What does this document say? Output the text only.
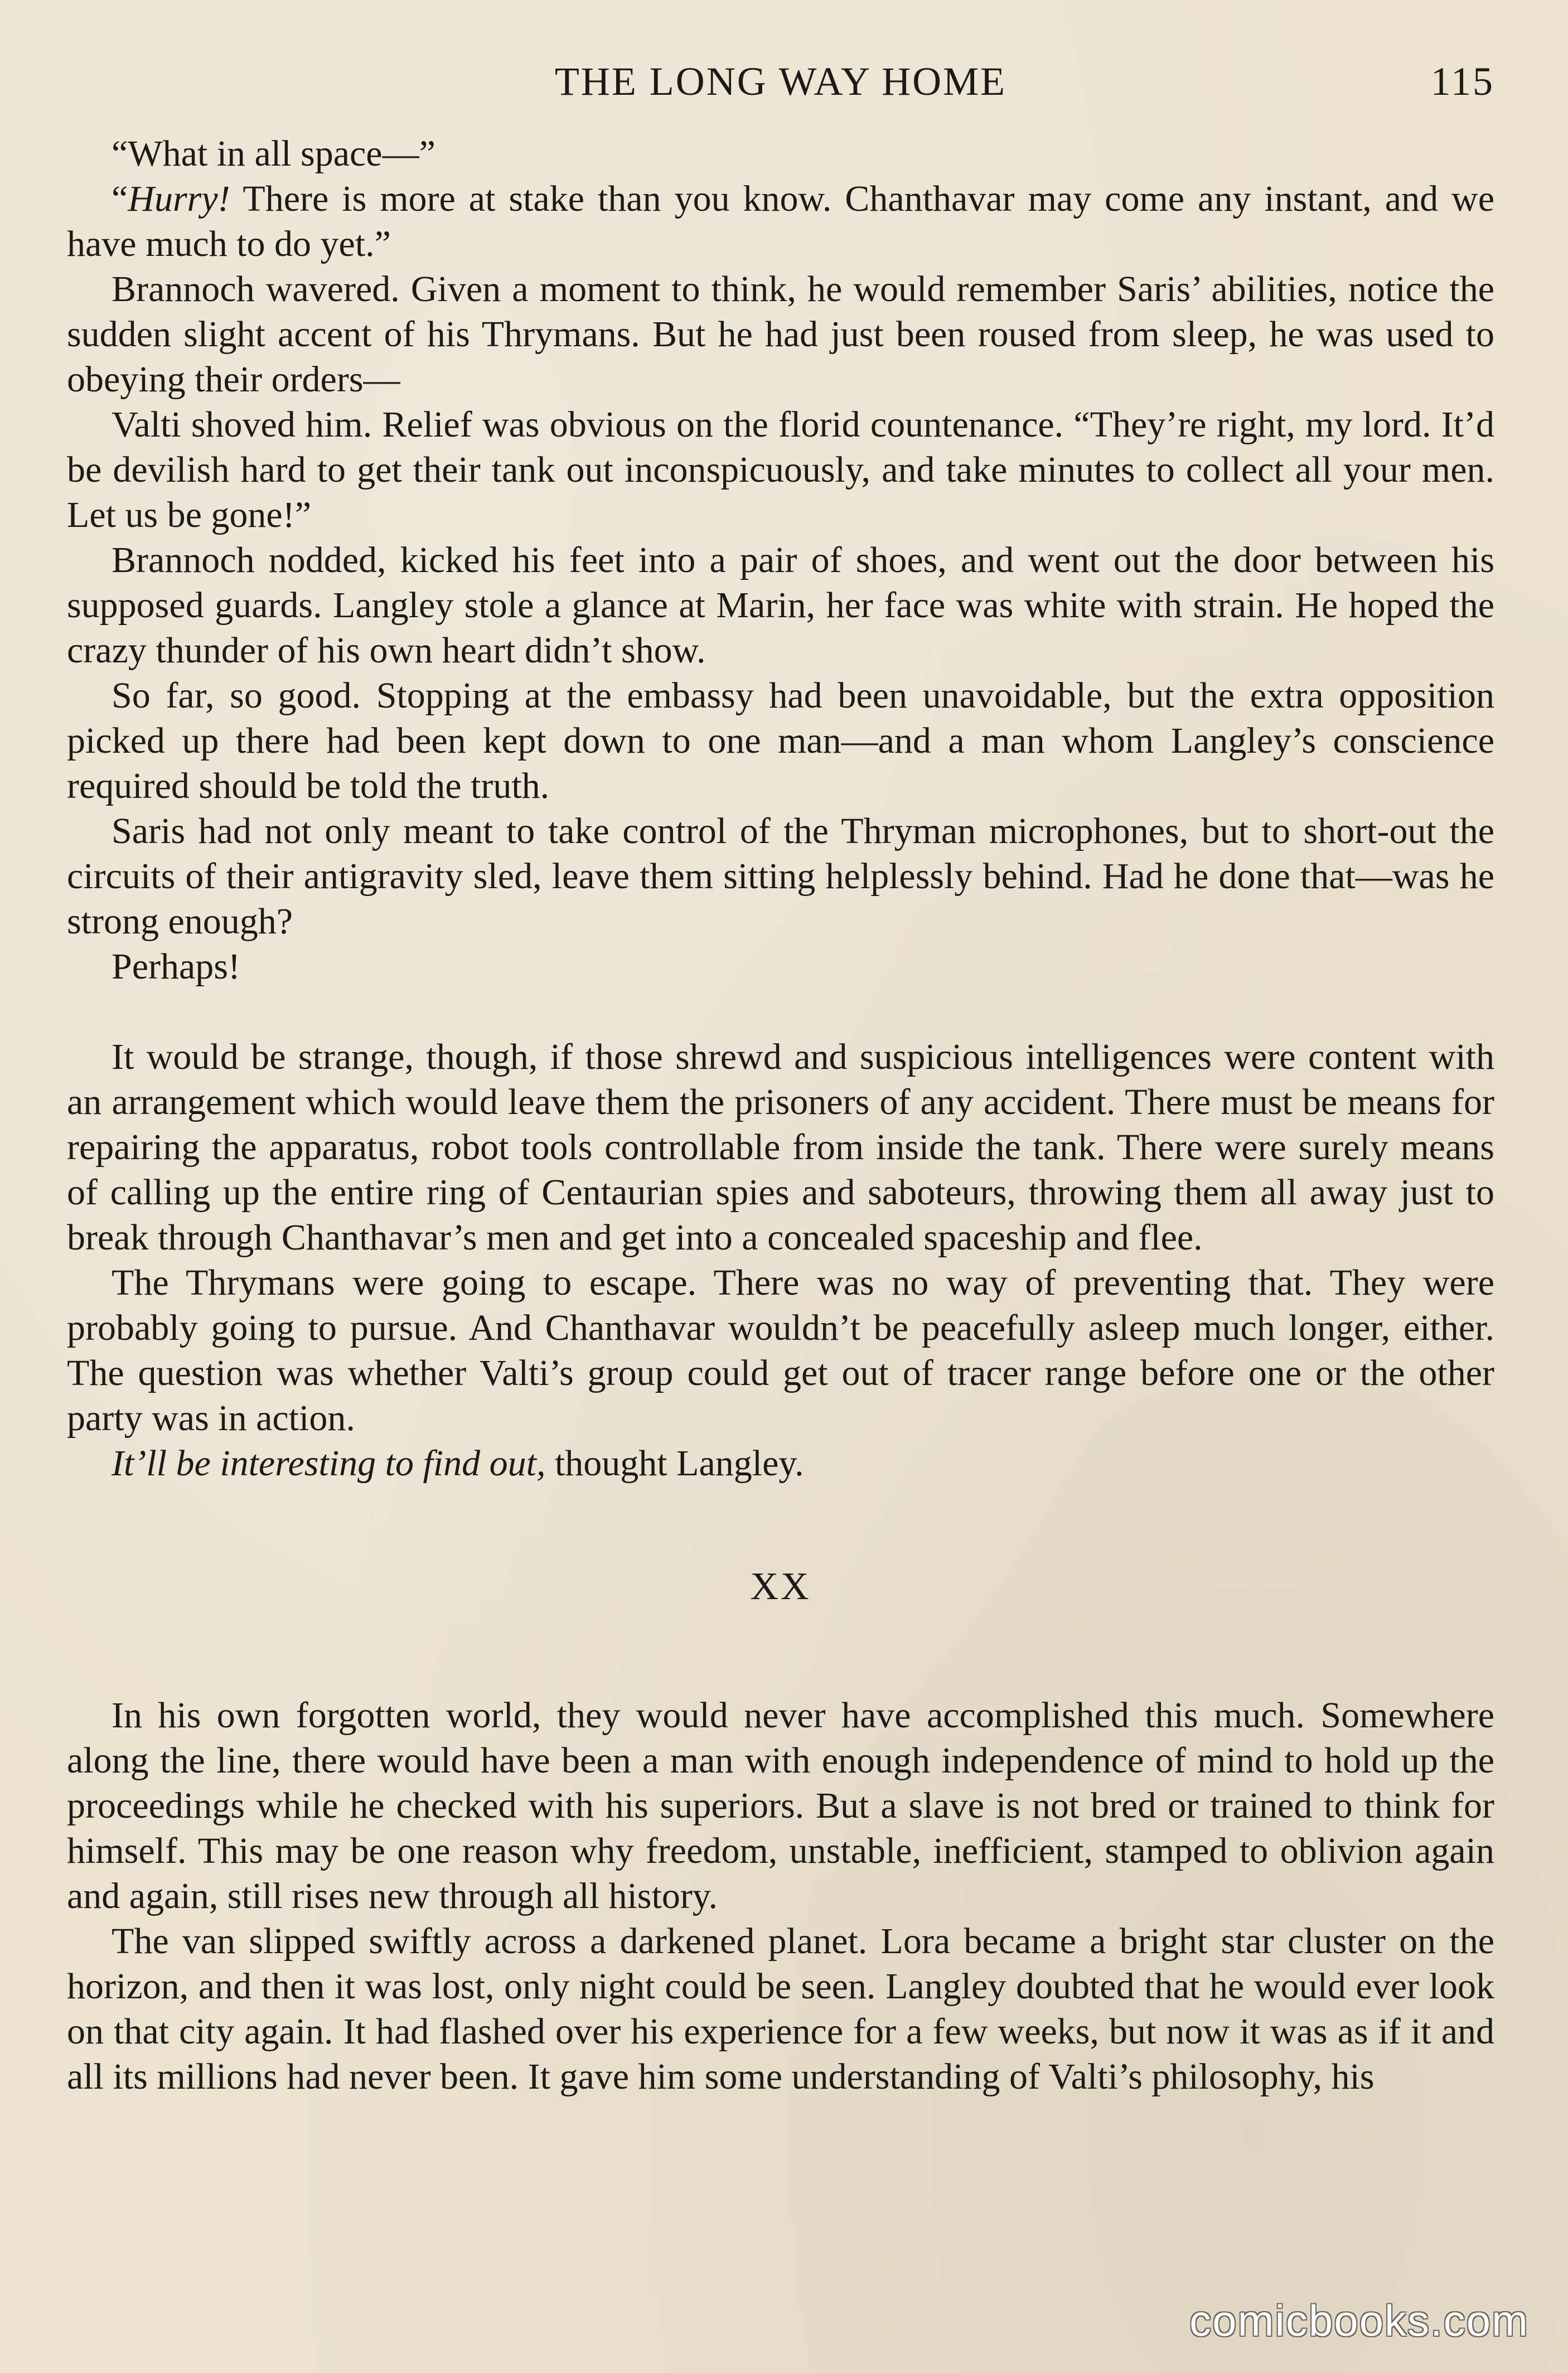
THE LONG WAY HOME	115

“What in all space—”

“Hurry! There is more at stake than you know. Chanthavar may come any instant, and we have much to do yet.”

Brannoch wavered. Given a moment to think, he would remember Saris’ abilities, notice the sudden slight accent of his Thrymans. But he had just been roused from sleep, he was used to obeying their orders—

Valti shoved him. Relief was obvious on the florid countenance. “They’re right, my lord. It’d be devilish hard to get their tank out inconspicuously, and take minutes to collect all your men. Let us be gone!”

Brannoch nodded, kicked his feet into a pair of shoes, and went out the door between his supposed guards. Langley stole a glance at Marin, her face was white with strain. He hoped the crazy thunder of his own heart didn’t show.

So far, so good. Stopping at the embassy had been unavoidable, but the extra opposition picked up there had been kept down to one man—and a man whom Langley’s conscience required should be told the truth.

Saris had not only meant to take control of the Thryman microphones, but to short-out the circuits of their antigravity sled, leave them sitting helplessly behind. Had he done that—was he strong enough?

Perhaps!

It would be strange, though, if those shrewd and suspicious intelligences were content with an arrangement which would leave them the prisoners of any accident. There must be means for repairing the apparatus, robot tools controllable from inside the tank. There were surely means of calling up the entire ring of Centaurian spies and saboteurs, throwing them all away just to break through Chanthavar’s men and get into a concealed spaceship and flee.

The Thrymans were going to escape. There was no way of preventing that. They were probably going to pursue. And Chanthavar wouldn’t be peacefully asleep much longer, either. The question was whether Valti’s group could get out of tracer range before one or the other party was in action.

It’ll be interesting to find out, thought Langley.

XX

In his own forgotten world, they would never have accomplished this much. Somewhere along the line, there would have been a man with enough independence of mind to hold up the proceedings while he checked with his superiors. But a slave is not bred or trained to think for himself. This may be one reason why freedom, unstable, inefficient, stamped to oblivion again and again, still rises new through all history.

The van slipped swiftly across a darkened planet. Lora became a bright star cluster on the horizon, and then it was lost, only night could be seen. Langley doubted that he would ever look on that city again. It had flashed over his experience for a few weeks, but now it was as if it and all its millions had never been. It gave him some understanding of Valti’s philosophy, his

comicbooks.com
